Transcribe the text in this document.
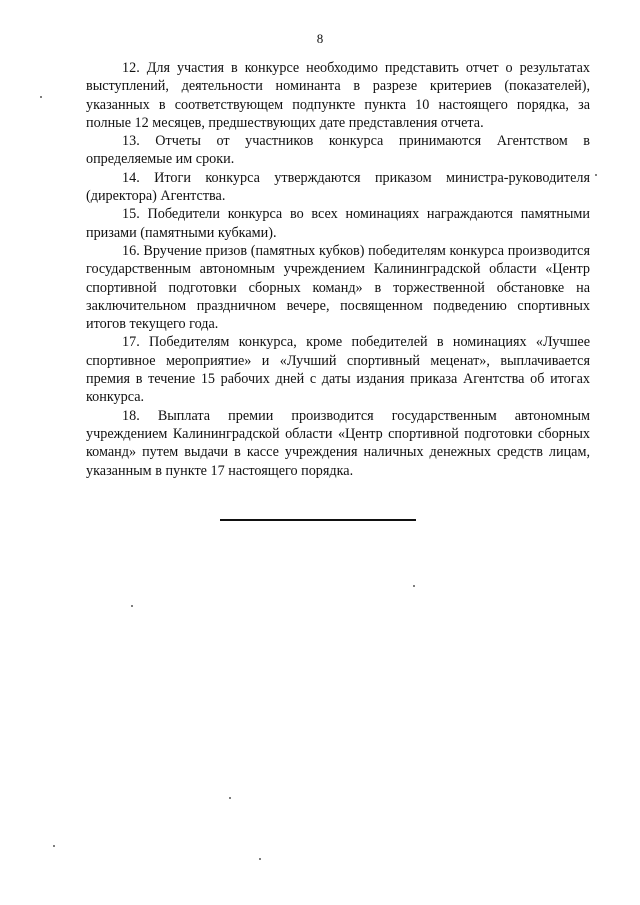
8

12. Для участия в конкурсе необходимо представить отчет о результатах выступлений, деятельности номинанта в разрезе критериев (показателей), указанных в соответствующем подпункте пункта 10 настоящего порядка, за полные 12 месяцев, предшествующих дате представления отчета.

13. Отчеты от участников конкурса принимаются Агентством в определяемые им сроки.

14. Итоги конкурса утверждаются приказом министра-руководителя (директора) Агентства.

15. Победители конкурса во всех номинациях награждаются памятными призами (памятными кубками).

16. Вручение призов (памятных кубков) победителям конкурса производится государственным автономным учреждением Калининградской области «Центр спортивной подготовки сборных команд» в торжественной обстановке на заключительном праздничном вечере, посвященном подведению спортивных итогов текущего года.

17. Победителям конкурса, кроме победителей в номинациях «Лучшее спортивное мероприятие» и «Лучший спортивный меценат», выплачивается премия в течение 15 рабочих дней с даты издания приказа Агентства об итогах конкурса.

18. Выплата премии производится государственным автономным учреждением Калининградской области «Центр спортивной подготовки сборных команд» путем выдачи в кассе учреждения наличных денежных средств лицам, указанным в пункте 17 настоящего порядка.
